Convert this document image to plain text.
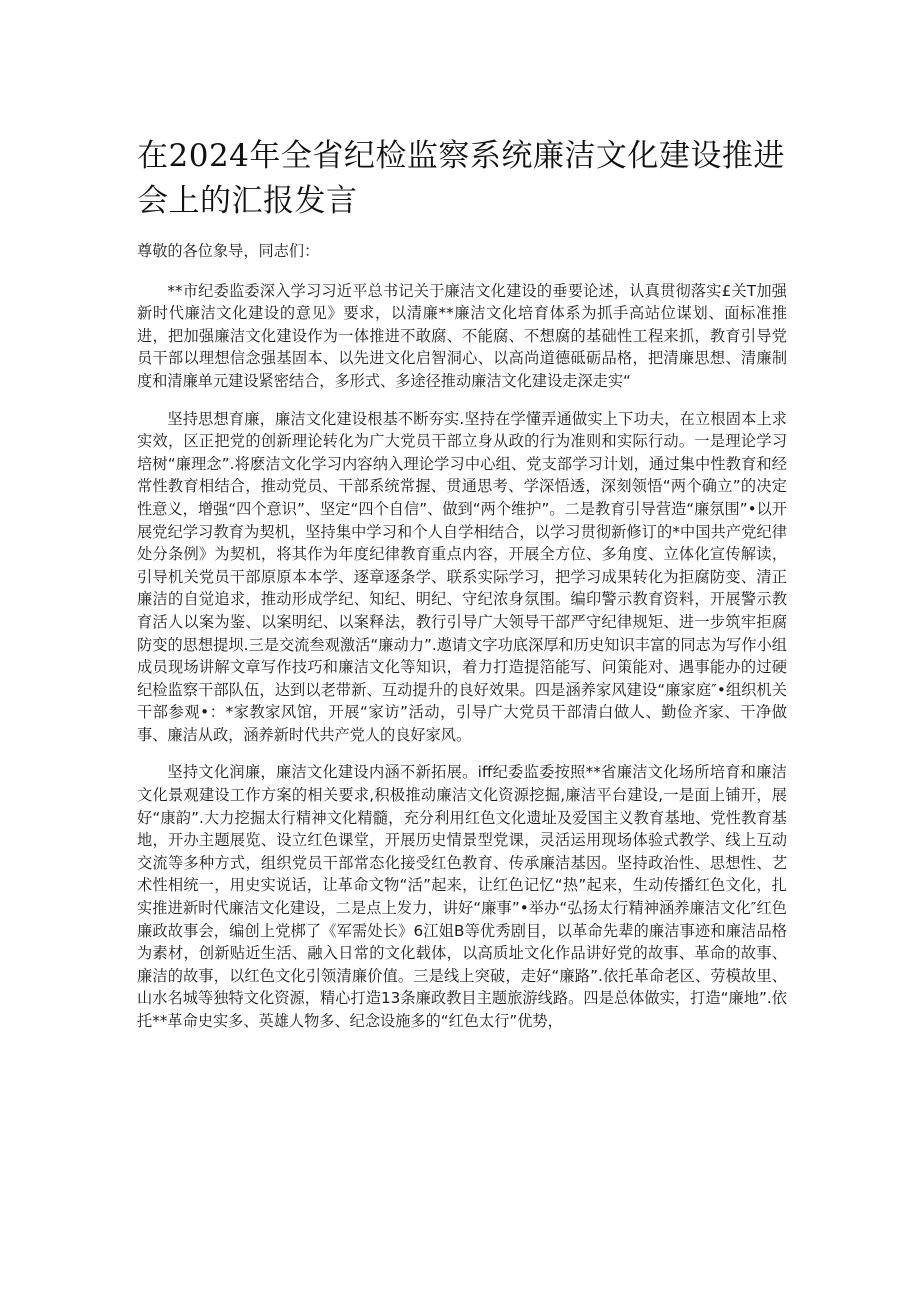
在2024年全省纪检监察系统廉洁文化建设推进会上的汇报发言

尊敬的各位象导，同志们：

**市纪委监委深入学习习近平总书记关于廉洁文化建设的垂要论述，认真贯彻落实£关T加强新时代廉洁文化建设的意见》要求，以清廉**廉洁文化培育体系为抓手高站位谋划、面标准推进，把加强廉洁文化建设作为一体推进不敢腐、不能腐、不想腐的基础性工程来抓，教育引导党员干部以理想信念强基固本、以先进文化启智洞心、以高尚道德砥砺品格，把清廉思想、清廉制度和清廉单元建设紧密结合，多形式、多途径推动廉洁文化建设走深走实“

坚持思想育廉，廉洁文化建设根基不断夯实.坚持在学懂弄通做实上下功夫，在立根固本上求实效，区正把党的创新理论转化为广大党员干部立身从政的行为准则和实际行动。一是理论学习培树“廉理念”.将麽洁文化学习内容纳入理论学习中心组、党支部学习计划，通过集中性教育和经常性教育相结合，推动党员、干部系统常握、贯通思考、学深悟透，深刻领悟“两个确立”的决定性意义，增强“四个意识”、坚定“四个自信”、做到“两个维护”。二是教育引导营造“廉氛围”•以开展党纪学习教育为契机，坚持集中学习和个人自学相结合，以学习贯彻新修订的*中国共产党纪律处分条例》为契机，将其作为年度纪律教育重点内容，开展全方位、多角度、立体化宣传解读，引导机关党员干部原原本本学、逐章逐条学、联系实际学习，把学习成果转化为拒腐防变、清正廉洁的自觉追求，推动形成学纪、知纪、明纪、守纪浓身氛围。编印警示教育资料，开展警示教育活人以案为鉴、以案明纪、以案释法，教行引导广大领导干部严守纪律规矩、进一步筑牢拒腐防变的思想提坝.三是交流叁观激活“廉动力”.遨请文字功底深厚和历史知识丰富的同志为写作小组成员现场讲解文章写作技巧和廉洁文化等知识，着力打造提箔能写、问策能对、遇事能办的过硬纪检监察干部队伍，达到以老带新、互动提升的良好效果。四是涵养家风建设“廉家庭″•组织机关干部参观•：*家教家风馆，开展“家访”活动，引导广大党员干部清白做人、勤俭齐家、干净做事、廉洁从政，涵养新时代共产党人的良好家风。

坚持文化润廉，廉洁文化建设内涵不新拓展。iff纪委监委按照**省廉洁文化场所培育和廉洁文化景观建设工作方案的相关要求,积极推动廉洁文化资源挖掘,廉洁平台建设,一是面上铺开，展好“康韵”.大力挖掘太行精神文化精髓，充分利用红色文化遗址及爱国主义教育基地、党性教育基地，开办主题展览、设立红色课堂，开展历史情景型党课，灵活运用现场体验式教学、线上互动交流等多种方式，组织党员干部常态化接受红色教育、传承廉洁基因。坚持政治性、思想性、艺术性相统一，用史实说话，让革命文物“活”起来，让红色记忆“热”起来，生动传播红色文化，扎实推进新时代廉洁文化建设，二是点上发力，讲好“廉事”•举办“弘扬太行精神涵养廉洁文化″红色廉政故事会，编创上党梆了《军需处长》6江姐B等优秀剧目，以革命先辈的廉洁事迹和廉洁品格为素材，创新贴近生活、融入日常的文化载体，以高质址文化作品讲好党的故事、革命的故事、廉洁的故事，以红色文化引领清廉价值。三是线上突破，走好“廉路”.依托革命老区、劳模故里、山水名城等独特文化资源，精心打造13条廉政教目主题旅游线路。四是总体做实，打造“廉地”.依托**革命史实多、英雄人物多、纪念设施多的“红色太行”优势，
